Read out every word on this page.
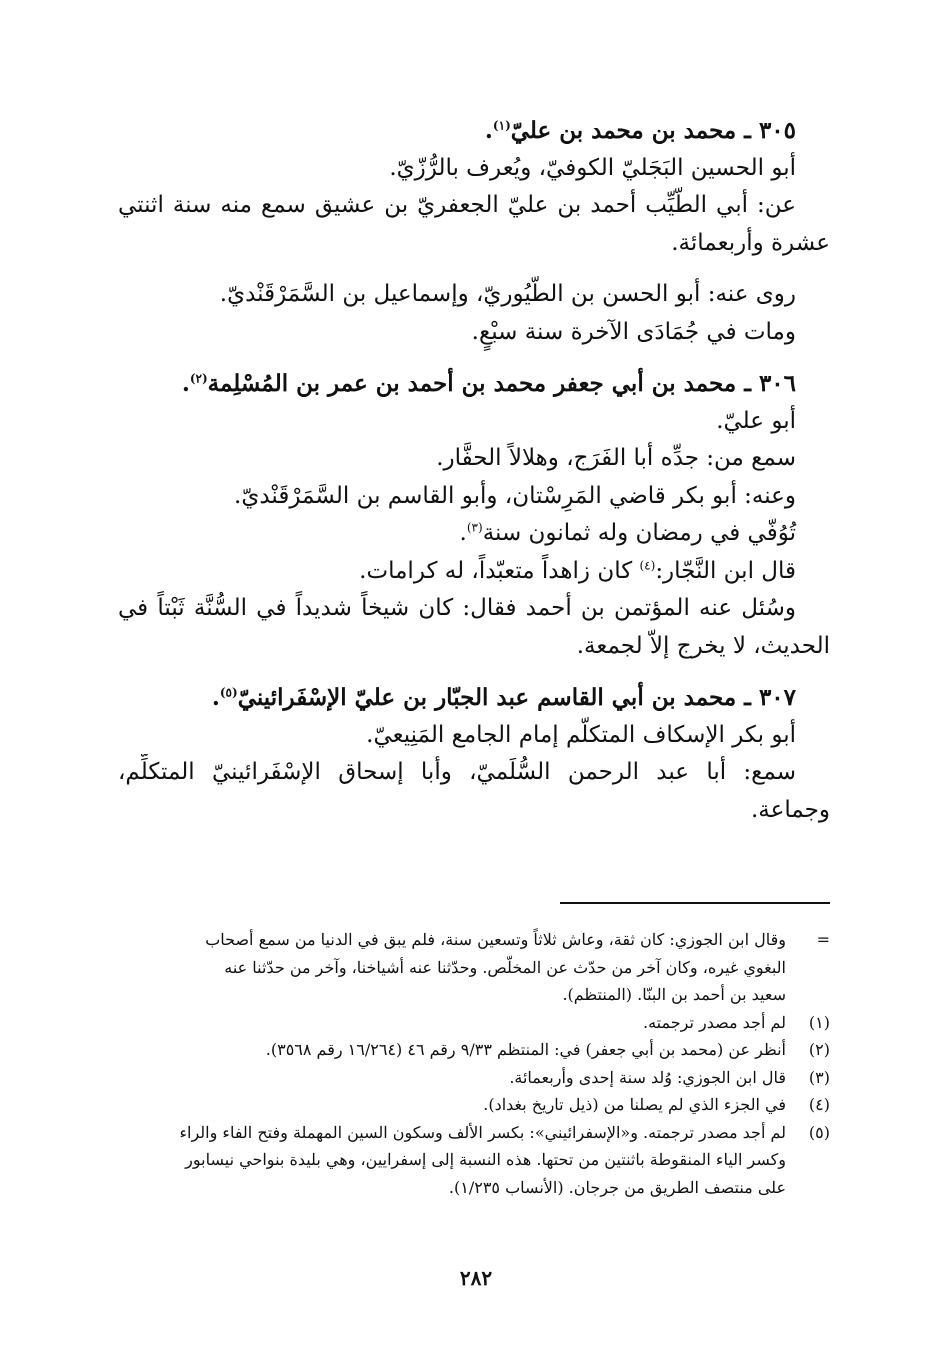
٣٠٥ ـ محمد بن محمد بن عليّ$^{(١)}$.
أبو الحسين البَجَليّ الكوفيّ، ويُعرف بالرُّزّيّ.
عن: أبي الطَّيِّب أحمد بن عليّ الجعفريّ بن عشيق سمع منه سنة اثنتي
عشرة وأربعمائة.
روى عنه: أبو الحسن بن الطُّيُوريّ، وإسماعيل بن السَّمَرْقَنْديّ.
ومات في جُمَادَى الآخرة سنة سبْعٍ.
٣٠٦ ـ محمد بن أبي جعفر محمد بن أحمد بن عمر بن المُسْلِمة$^{(٢)}$.
أبو عليّ.
سمع من: جدِّه أبا الفَرَج، وهلالاً الحفَّار.
وعنه: أبو بكر قاضي المَرِسْتان، وأبو القاسم بن السَّمَرْقَنْديّ.
تُوُفّي في رمضان وله ثمانون سنة$^{(٣)}$.
قال ابن النَّجّار:$^{(٤)}$ كان زاهداً متعبّداً، له كرامات.
وسُئل عنه المؤتمن بن أحمد فقال: كان شيخاً شديداً في السُّنَّة ثَبْتاً في
الحديث، لا يخرج إلاّ لجمعة.
٣٠٧ ـ محمد بن أبي القاسم عبد الجبّار بن عليّ الإسْفَرائينيّ$^{(٥)}$.
أبو بكر الإسكاف المتكلّم إمام الجامع المَنِيعيّ.
سمع: أبا عبد الرحمن السُّلَميّ، وأبا إسحاق الإسْفَرائينيّ المتكلِّم،
وجماعة.
=
وقال ابن الجوزي: كان ثقة، وعاش ثلاثاً وتسعين سنة، فلم يبق في الدنيا من سمع أصحاب
البغوي غيره، وكان آخر من حدّث عن المخلّص. وحدّثنا عنه أشياخنا، وآخر من حدّثنا عنه
سعيد بن أحمد بن البنّا. (المنتظم).
(١)
لم أجد مصدر ترجمته.
(٢)
أنظر عن (محمد بن أبي جعفر) في: المنتظم ٩/٣٣ رقم ٤٦ (١٦/٢٦٤ رقم ٣٥٦٨).
(٣)
قال ابن الجوزي: وُلد سنة إحدى وأربعمائة.
(٤)
في الجزء الذي لم يصلنا من (ذيل تاريخ بغداد).
(٥)
لم أجد مصدر ترجمته. و«الإسفرائيني»: بكسر الألف وسكون السين المهملة وفتح الفاء والراء
وكسر الياء المنقوطة باثنتين من تحتها. هذه النسبة إلى إسفرايين، وهي بليدة بنواحي نيسابور
على منتصف الطريق من جرجان. (الأنساب ١/٢٣٥).
٢٨٢
